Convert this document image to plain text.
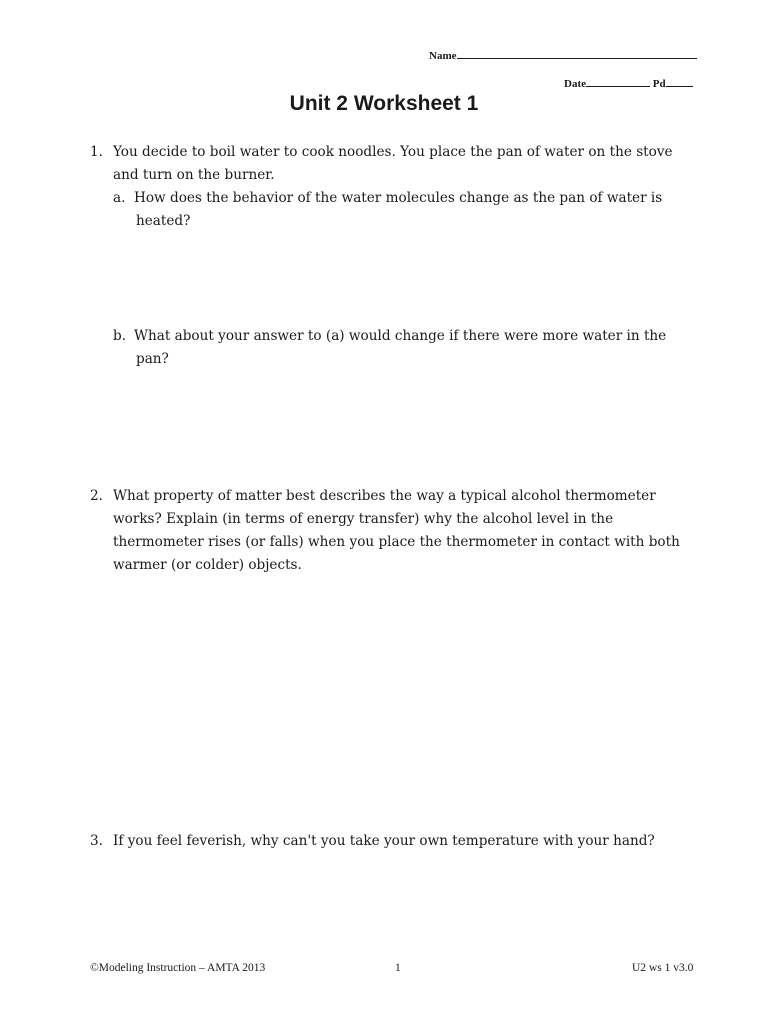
Name
Date	Pd
Unit 2 Worksheet 1
1. You decide to boil water to cook noodles. You place the pan of water on the stove
and turn on the burner.
a. How does the behavior of the water molecules change as the pan of water is
heated?
b. What about your answer to (a) would change if there were more water in the
pan?
2. What property of matter best describes the way a typical alcohol thermometer
works? Explain (in terms of energy transfer) why the alcohol level in the
thermometer rises (or falls) when you place the thermometer in contact with both
warmer (or colder) objects.
3. If you feel feverish, why can't you take your own temperature with your hand?
©Modeling Instruction – AMTA 2013	1	U2 ws 1 v3.0
